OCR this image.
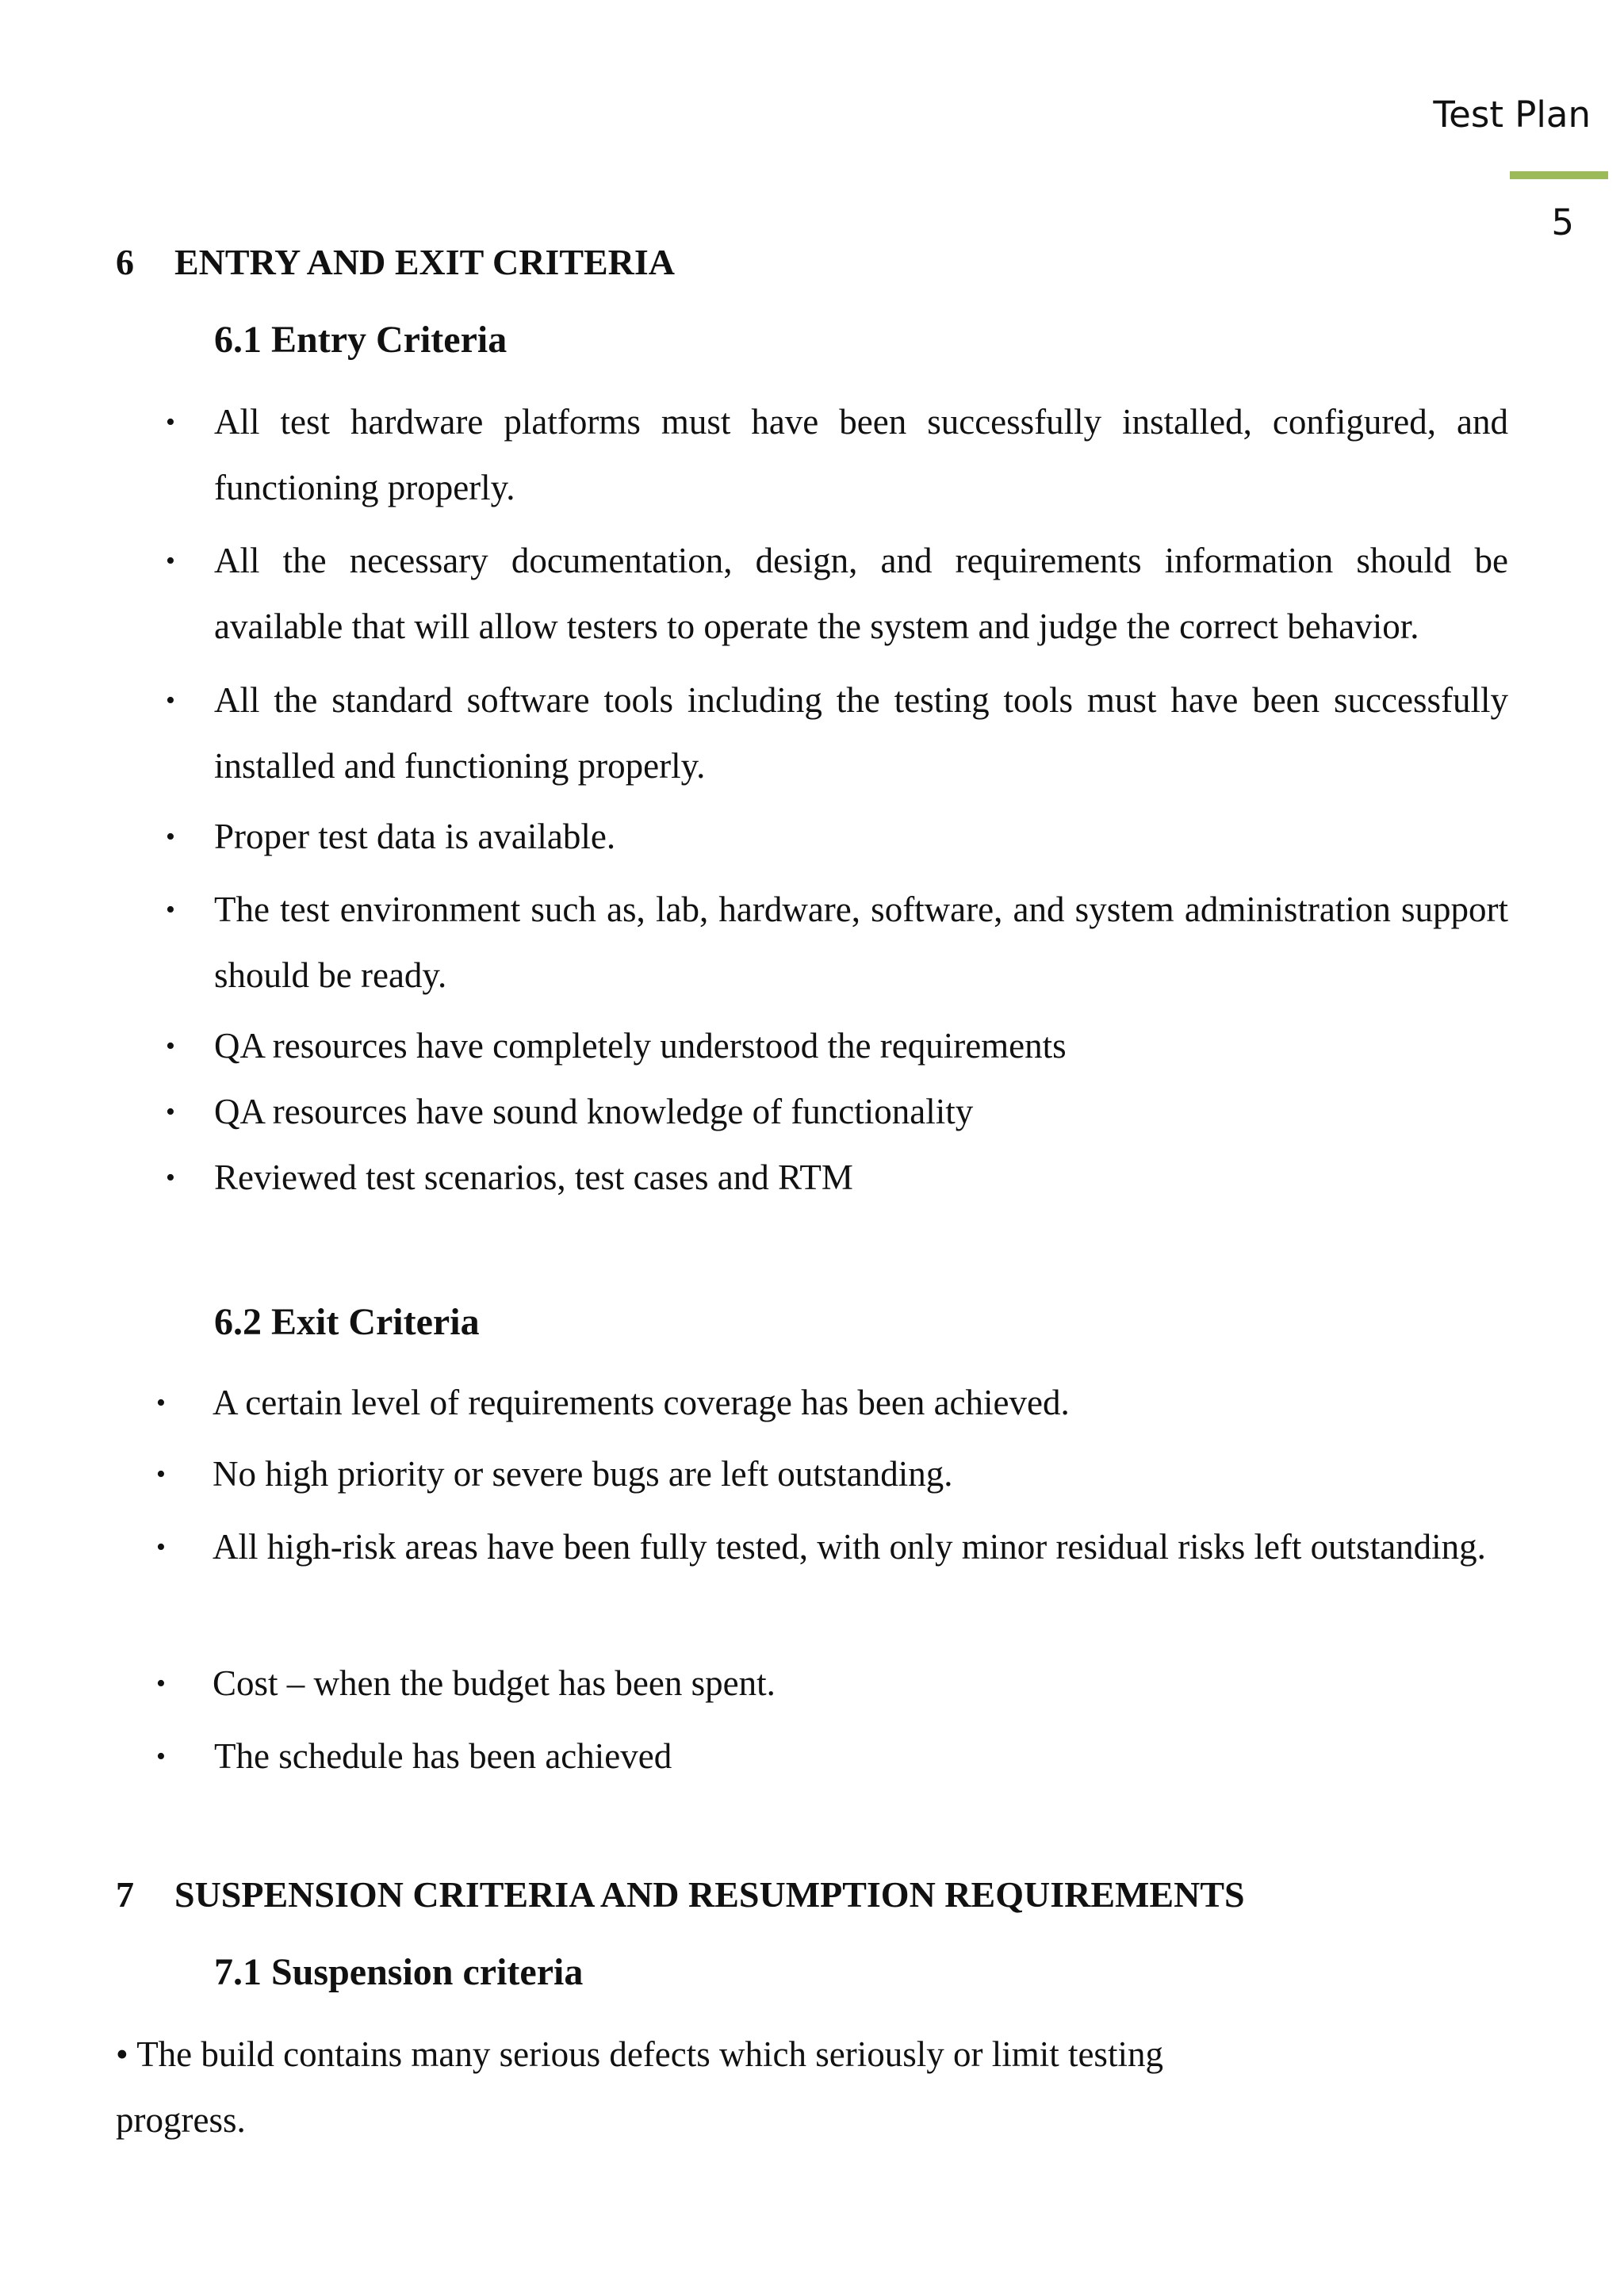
Test Plan
5
6 ENTRY AND EXIT CRITERIA
6.1 Entry Criteria
• All test hardware platforms must have been successfully installed, configured, and functioning properly.
• All the necessary documentation, design, and requirements information should be available that will allow testers to operate the system and judge the correct behavior.
• All the standard software tools including the testing tools must have been successfully installed and functioning properly.
• Proper test data is available.
• The test environment such as, lab, hardware, software, and system administration support should be ready.
• QA resources have completely understood the requirements
• QA resources have sound knowledge of functionality
• Reviewed test scenarios, test cases and RTM
6.2 Exit Criteria
• A certain level of requirements coverage has been achieved.
• No high priority or severe bugs are left outstanding.
•	All high-risk areas have been fully tested, with only minor residual risks left outstanding.
• Cost – when the budget has been spent.
• The schedule has been achieved
7 SUSPENSION CRITERIA AND RESUMPTION REQUIREMENTS
7.1 Suspension criteria
• The build contains many serious defects which seriously or limit testing progress.
